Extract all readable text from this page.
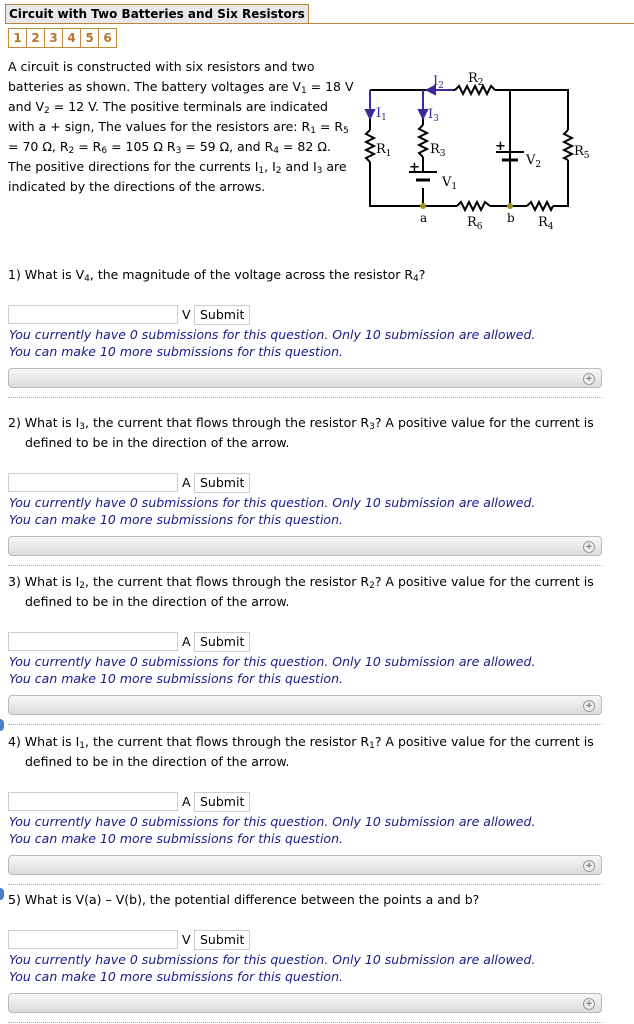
Circuit with Two Batteries and Six Resistors
1 2 3 4 5 6
A circuit is constructed with six resistors and two batteries as shown. The battery voltages are $V_1 = 18$ V and $V_2 = 12$ V. The positive terminals are indicated with a + sign, The values for the resistors are: $R_1 = R_5 = 70$ Ω, $R_2 = R_6 = 105$ Ω $R_3 = 59$ Ω, and $R_4 = 82$ Ω. The positive directions for the currents $I_1$, $I_2$ and $I_3$ are indicated by the directions of the arrows.
$I_1$
$I_2$
$I_3$
$R_2$
$R_1$	$R_3$	$R_5$
$R_6$	$R_4$
$V_1$
$V_2$
+
+
a	b
1) What is $V_4$, the magnitude of the voltage across the resistor $R_4$?
V Submit
You currently have 0 submissions for this question. Only 10 submission are allowed.
You can make 10 more submissions for this question.
+
2) What is $I_3$, the current that flows through the resistor $R_3$? A positive value for the current is defined to be in the direction of the arrow.
A Submit
You currently have 0 submissions for this question. Only 10 submission are allowed.
You can make 10 more submissions for this question.
+
3) What is $I_2$, the current that flows through the resistor $R_2$? A positive value for the current is defined to be in the direction of the arrow.
A Submit
You currently have 0 submissions for this question. Only 10 submission are allowed.
You can make 10 more submissions for this question.
+
4) What is $I_1$, the current that flows through the resistor $R_1$? A positive value for the current is defined to be in the direction of the arrow.
A Submit
You currently have 0 submissions for this question. Only 10 submission are allowed.
You can make 10 more submissions for this question.
+
5) What is V(a) – V(b), the potential difference between the points a and b?
V Submit
You currently have 0 submissions for this question. Only 10 submission are allowed.
You can make 10 more submissions for this question.
+
